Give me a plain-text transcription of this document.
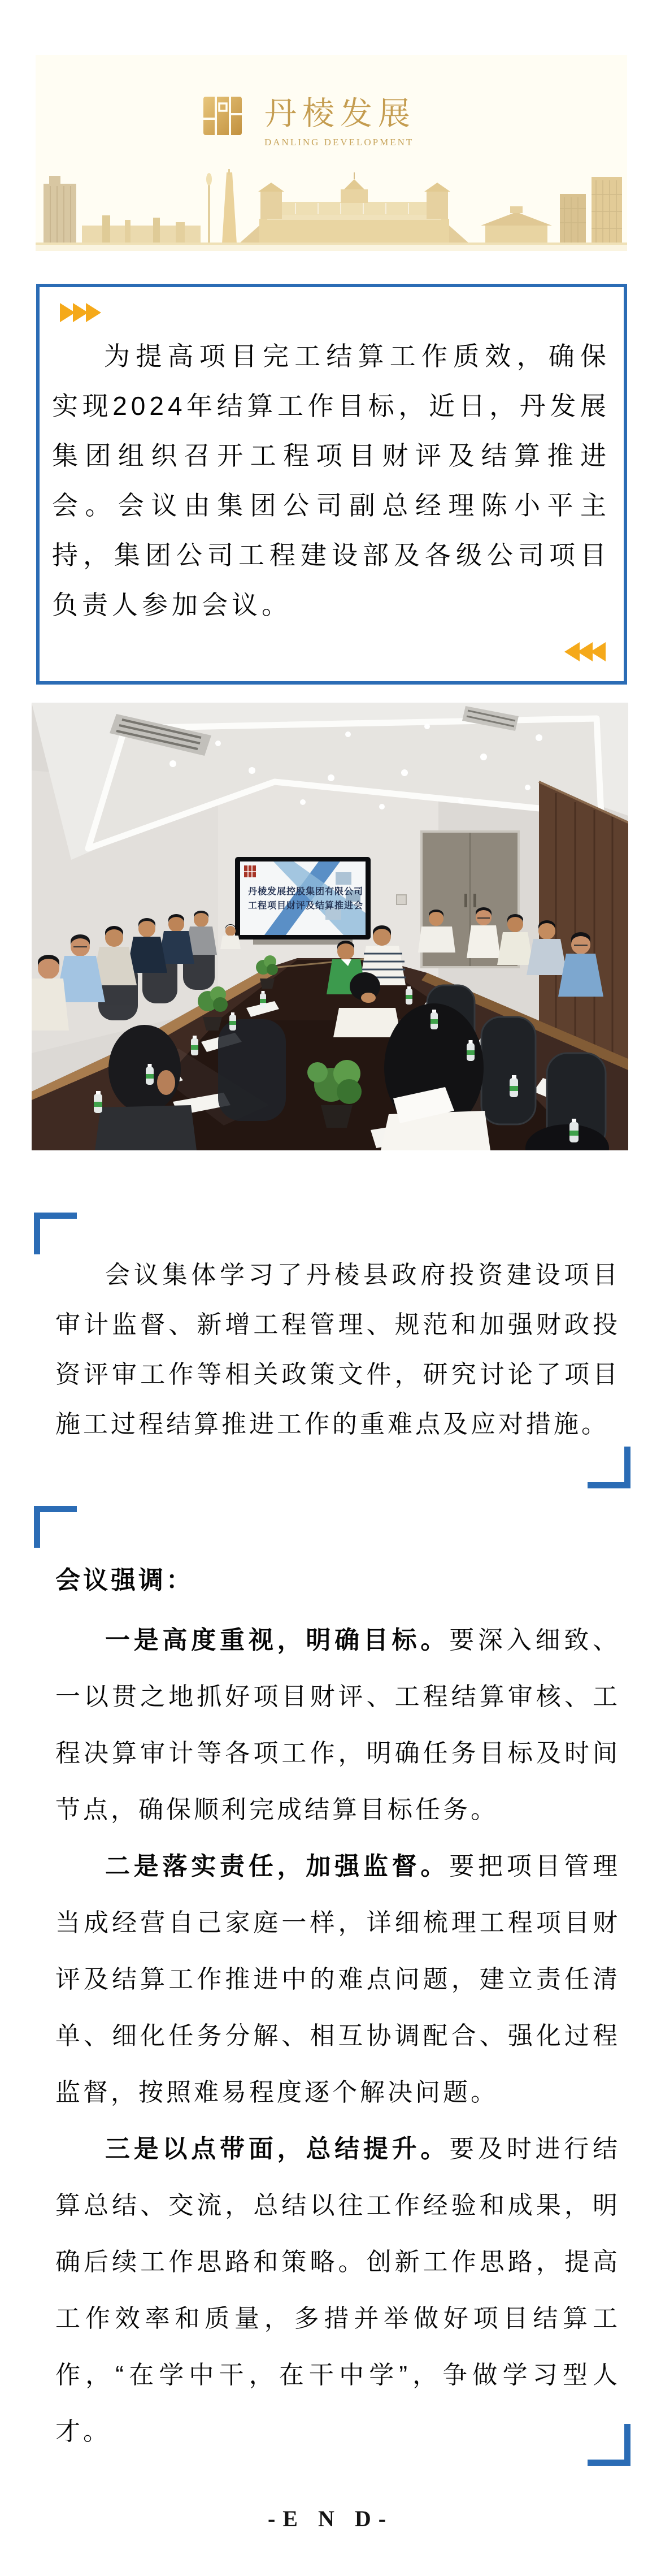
丹棱发展
DANLING DEVELOPMENT
为提高项目完工结算工作质效，确保实现2024年结算工作目标，近日，丹发展集团组织召开工程项目财评及结算推进会。会议由集团公司副总经理陈小平主持，集团公司工程建设部及各级公司项目负责人参加会议。
丹棱发展控股集团有限公司
工程项目财评及结算推进会
会议集体学习了丹棱县政府投资建设项目审计监督、新增工程管理、规范和加强财政投资评审工作等相关政策文件，研究讨论了项目施工过程结算推进工作的重难点及应对措施。
会议强调：
一是高度重视，明确目标。要深入细致、一以贯之地抓好项目财评、工程结算审核、工程决算审计等各项工作，明确任务目标及时间节点，确保顺利完成结算目标任务。
二是落实责任，加强监督。要把项目管理当成经营自己家庭一样，详细梳理工程项目财评及结算工作推进中的难点问题，建立责任清单、细化任务分解、相互协调配合、强化过程监督，按照难易程度逐个解决问题。
三是以点带面，总结提升。要及时进行结算总结、交流，总结以往工作经验和成果，明确后续工作思路和策略。创新工作思路，提高工作效率和质量，多措并举做好项目结算工作，“在学中干，在干中学”，争做学习型人才。
-E N D-
